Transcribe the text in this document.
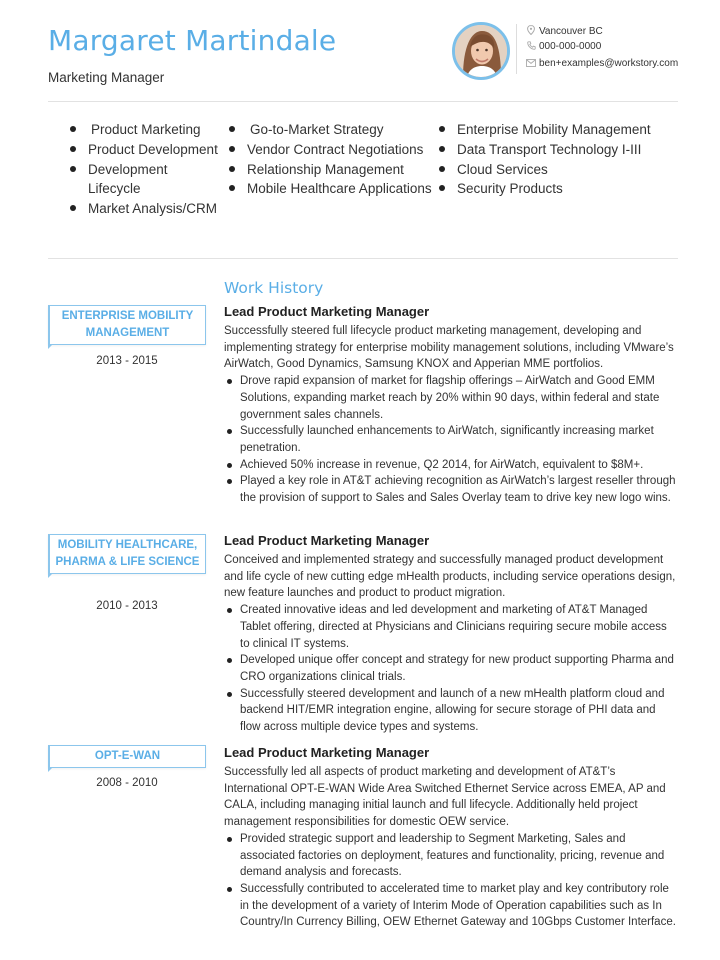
Margaret Martindale
Marketing Manager
Vancouver BC
000-000-0000
ben+examples@workstory.com
Product Marketing
Product Development
Development Lifecycle
Market Analysis/CRM
Go-to-Market Strategy
Vendor Contract Negotiations
Relationship Management
Mobile Healthcare Applications
Enterprise Mobility Management
Data Transport Technology I-III
Cloud Services
Security Products
Work History
ENTERPRISE MOBILITY MANAGEMENT
2013 - 2015
Lead Product Marketing Manager
Successfully steered full lifecycle product marketing management, developing and implementing strategy for enterprise mobility management solutions, including VMware’s AirWatch, Good Dynamics, Samsung KNOX and Apperian MME portfolios.
Drove rapid expansion of market for flagship offerings – AirWatch and Good EMM Solutions, expanding market reach by 20% within 90 days, within federal and state government sales channels.
Successfully launched enhancements to AirWatch, significantly increasing market penetration.
Achieved 50% increase in revenue, Q2 2014, for AirWatch, equivalent to $8M+.
Played a key role in AT&T achieving recognition as AirWatch’s largest reseller through the provision of support to Sales and Sales Overlay team to drive key new logo wins.
MOBILITY HEALTHCARE, PHARMA & LIFE SCIENCE
2010 - 2013
Lead Product Marketing Manager
Conceived and implemented strategy and successfully managed product development and life cycle of new cutting edge mHealth products, including service operations design, new feature launches and product to product migration.
Created innovative ideas and led development and marketing of AT&T Managed Tablet offering, directed at Physicians and Clinicians requiring secure mobile access to clinical IT systems.
Developed unique offer concept and strategy for new product supporting Pharma and CRO organizations clinical trials.
Successfully steered development and launch of a new mHealth platform cloud and backend HIT/EMR integration engine, allowing for secure storage of PHI data and flow across multiple device types and systems.
OPT-E-WAN
2008 - 2010
Lead Product Marketing Manager
Successfully led all aspects of product marketing and development of AT&T’s International OPT-E-WAN Wide Area Switched Ethernet Service across EMEA, AP and CALA, including managing initial launch and full lifecycle. Additionally held project management responsibilities for domestic OEW service.
Provided strategic support and leadership to Segment Marketing, Sales and associated factories on deployment, features and functionality, pricing, revenue and demand analysis and forecasts.
Successfully contributed to accelerated time to market play and key contributory role in the development of a variety of Interim Mode of Operation capabilities such as In Country/In Currency Billing, OEW Ethernet Gateway and 10Gbps Customer Interface.
